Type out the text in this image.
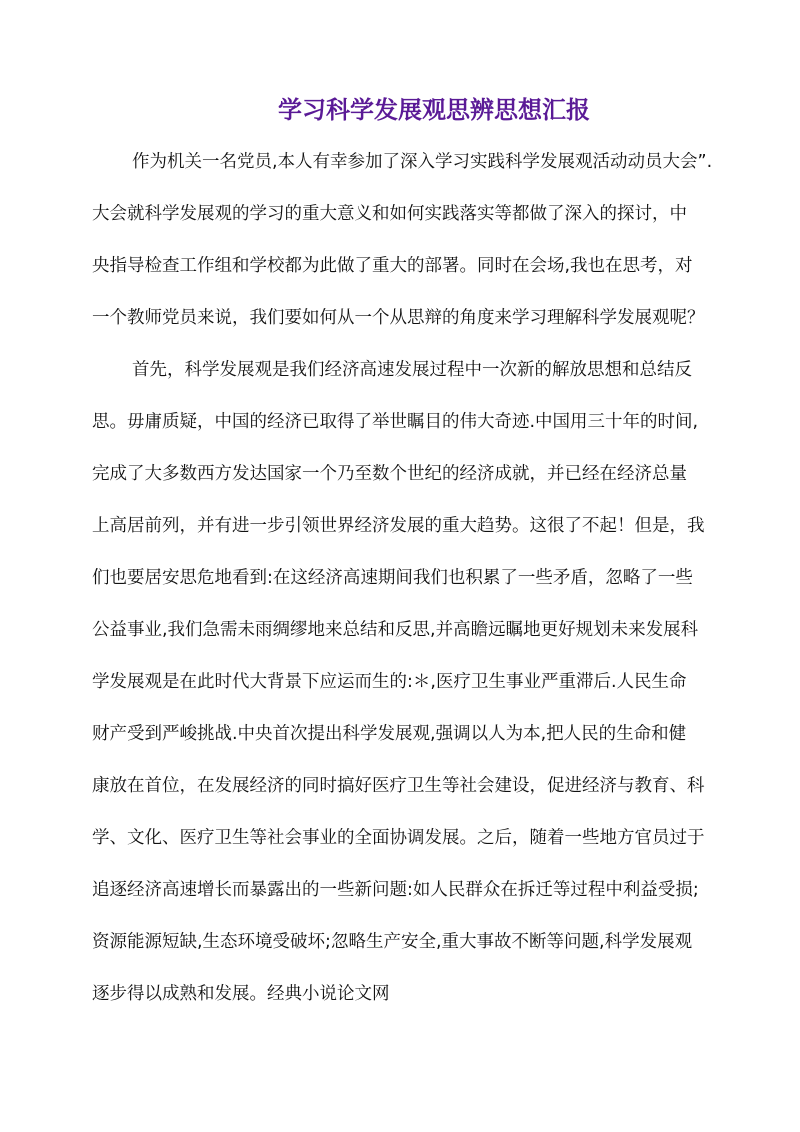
学习科学发展观思辨思想汇报
作为机关一名党员,本人有幸参加了深入学习实践科学发展观活动动员大会”.
大会就科学发展观的学习的重大意义和如何实践落实等都做了深入的探讨，中
央指导检查工作组和学校都为此做了重大的部署。同时在会场,我也在思考，对
一个教师党员来说，我们要如何从一个从思辩的角度来学习理解科学发展观呢？
首先，科学发展观是我们经济高速发展过程中一次新的解放思想和总结反
思。毋庸质疑，中国的经济已取得了举世瞩目的伟大奇迹.中国用三十年的时间,
完成了大多数西方发达国家一个乃至数个世纪的经济成就，并已经在经济总量
上高居前列，并有进一步引领世界经济发展的重大趋势。这很了不起！但是，我
们也要居安思危地看到:在这经济高速期间我们也积累了一些矛盾，忽略了一些
公益事业,我们急需未雨绸缪地来总结和反思,并高瞻远瞩地更好规划未来发展科
学发展观是在此时代大背景下应运而生的:＊,医疗卫生事业严重滞后.人民生命
财产受到严峻挑战.中央首次提出科学发展观,强调以人为本,把人民的生命和健
康放在首位，在发展经济的同时搞好医疗卫生等社会建设，促进经济与教育、科
学、文化、医疗卫生等社会事业的全面协调发展。之后，随着一些地方官员过于
追逐经济高速增长而暴露出的一些新问题:如人民群众在拆迁等过程中利益受损;
资源能源短缺,生态环境受破坏;忽略生产安全,重大事故不断等问题,科学发展观
逐步得以成熟和发展。经典小说论文网
